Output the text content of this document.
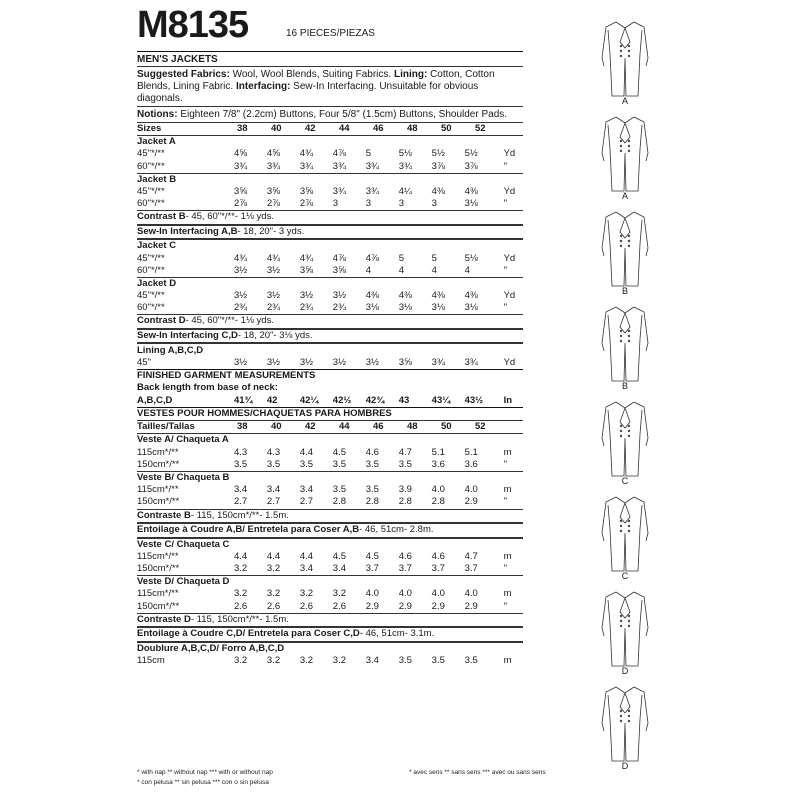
M8135	16 PIECES/PIEZAS
MEN'S JACKETS
Suggested Fabrics: Wool, Wool Blends, Suiting Fabrics. Lining: Cotton, Cotton Blends, Lining Fabric. Interfacing: Sew-In Interfacing. Unsuitable for obvious diagonals.
Notions: Eighteen 7/8" (2.2cm) Buttons, Four 5/8" (1.5cm) Buttons, Shoulder Pads.
Sizes	38	40	42	44	46	48	50	52
Jacket A
45"*/**	4⅝	4⅝	4¾	4⅞	5	5⅛	5½	5½	Yd
60"*/**	3¾	3¾	3¾	3¾	3¾	3¾	3⅞	3⅞	"
Jacket B
45"*/**	3⅝	3⅝	3⅝	3¾	3¾	4¼	4⅜	4⅜	Yd
60"*/**	2⅞	2⅞	2⅞	3	3	3	3	3⅛	"
Contrast B- 45, 60"*/**- 1⅛ yds.
Sew-In Interfacing A,B- 18, 20"- 3 yds.
Jacket C
45"*/**	4¾	4¾	4¾	4⅞	4⅞	5	5	5⅛	Yd
60"*/**	3½	3½	3⅝	3⅝	4	4	4	4	"
Jacket D
45"*/**	3½	3½	3½	3½	4⅜	4⅜	4⅜	4⅜	Yd
60"*/**	2¾	2¾	2¾	2¾	3⅛	3⅛	3⅛	3⅛	"
Contrast D- 45, 60"*/**- 1⅛ yds.
Sew-In Interfacing C,D- 18, 20"- 3⅛ yds.
Lining A,B,C,D
45"	3½	3½	3½	3½	3½	3⅝	3¾	3¾	Yd
FINISHED GARMENT MEASUREMENTS
Back length from base of neck:
A,B,C,D	41¾	42	42¼	42½	42¾	43	43¼	43½	In
VESTES POUR HOMMES/CHAQUETAS PARA HOMBRES
Tailles/Tallas	38	40	42	44	46	48	50	52
Veste A/ Chaqueta A
115cm*/**	4.3	4.3	4.4	4.5	4.6	4.7	5.1	5.1	m
150cm*/**	3.5	3.5	3.5	3.5	3.5	3.5	3.6	3.6	"
Veste B/ Chaqueta B
115cm*/**	3.4	3.4	3.4	3.5	3.5	3.9	4.0	4.0	m
150cm*/**	2.7	2.7	2.7	2.8	2.8	2.8	2.8	2.9	"
Contraste B- 115, 150cm*/**- 1.5m.
Entoilage à Coudre A,B/ Entretela para Coser A,B- 46, 51cm- 2.8m.
Veste C/ Chaqueta C
115cm*/**	4.4	4.4	4.4	4.5	4.5	4.6	4.6	4.7	m
150cm*/**	3.2	3.2	3.4	3.4	3.7	3.7	3.7	3.7	"
Veste D/ Chaqueta D
115cm*/**	3.2	3.2	3.2	3.2	4.0	4.0	4.0	4.0	m
150cm*/**	2.6	2.6	2.6	2.6	2.9	2.9	2.9	2.9	"
Contraste D- 115, 150cm*/**- 1.5m.
Entoilage à Coudre C,D/ Entretela para Coser C,D- 46, 51cm- 3.1m.
Doublure A,B,C,D/ Forro A,B,C,D
115cm	3.2	3.2	3.2	3.2	3.4	3.5	3.5	3.5	m
* with nap ** without nap *** with or without nap
* con pelusa ** sin pelusa *** con o sin pelusa
* avec sens ** sans sens *** avec ou sans sens
A
A
B
B
C
C
D
D
